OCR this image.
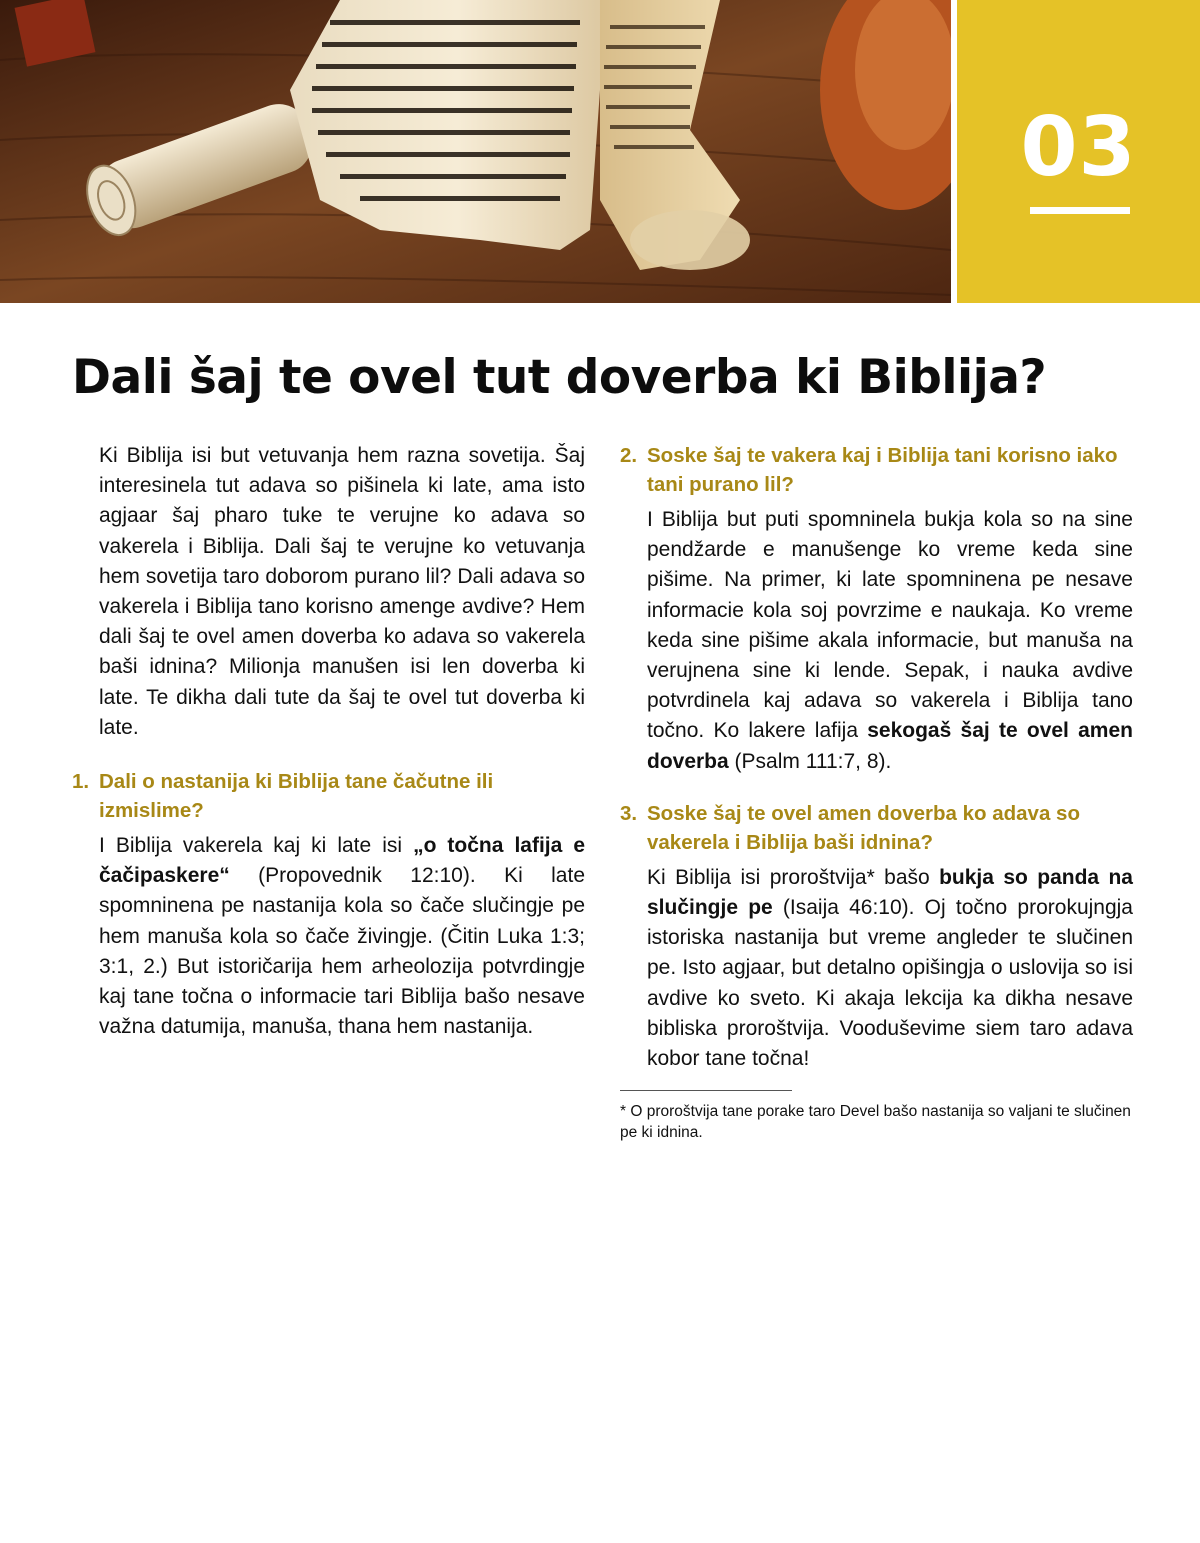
03
Dali šaj te ovel tut doverba ki Biblija?

Ki Biblija isi but vetuvanja hem razna sovetija. Šaj interesinela tut adava so pišinela ki late, ama isto agjaar šaj pharo tuke te verujne ko adava so vakerela i Biblija. Dali šaj te verujne ko vetuvanja hem sovetija taro doborom purano lil? Dali adava so vakerela i Biblija tano korisno amenge avdive? Hem dali šaj te ovel amen doverba ko adava so vakerela baši idnina? Milionja manušen isi len doverba ki late. Te dikha dali tute da šaj te ovel tut doverba ki late.

1. Dali o nastanija ki Biblija tane čačutne ili izmislime?

I Biblija vakerela kaj ki late isi „o točna lafija e čačipaskere“ (Propovednik 12:10). Ki late spomninena pe nastanija kola so čače slučingje pe hem manuša kola so čače živingje. (Čitin Luka 1:3; 3:1, 2.) But istoričarija hem arheolozija potvrdingje kaj tane točna o informacie tari Biblija bašo nesave važna datumija, manuša, thana hem nastanija.

2. Soske šaj te vakera kaj i Biblija tani korisno iako tani purano lil?

I Biblija but puti spomninela bukja kola so na sine pendžarde e manušenge ko vreme keda sine pišime. Na primer, ki late spomninena pe nesave informacie kola soj povrzime e naukaja. Ko vreme keda sine pišime akala informacie, but manuša na verujnena sine ki lende. Sepak, i nauka avdive potvrdinela kaj adava so vakerela i Biblija tano točno. Ko lakere lafija sekogaš šaj te ovel amen doverba (Psalm 111:7, 8).

3. Soske šaj te ovel amen doverba ko adava so vakerela i Biblija baši idnina?

Ki Biblija isi proroštvija* bašo bukja so panda na slučingje pe (Isaija 46:10). Oj točno prorokujngja istoriska nastanija but vreme angleder te slučinen pe. Isto agjaar, but detalno opišingja o uslovija so isi avdive ko sveto. Ki akaja lekcija ka dikha nesave bibliska proroštvija. Vooduševime siem taro adava kobor tane točna!

* O proroštvija tane porake taro Devel bašo nastanija so valjani te slučinen pe ki idnina.
